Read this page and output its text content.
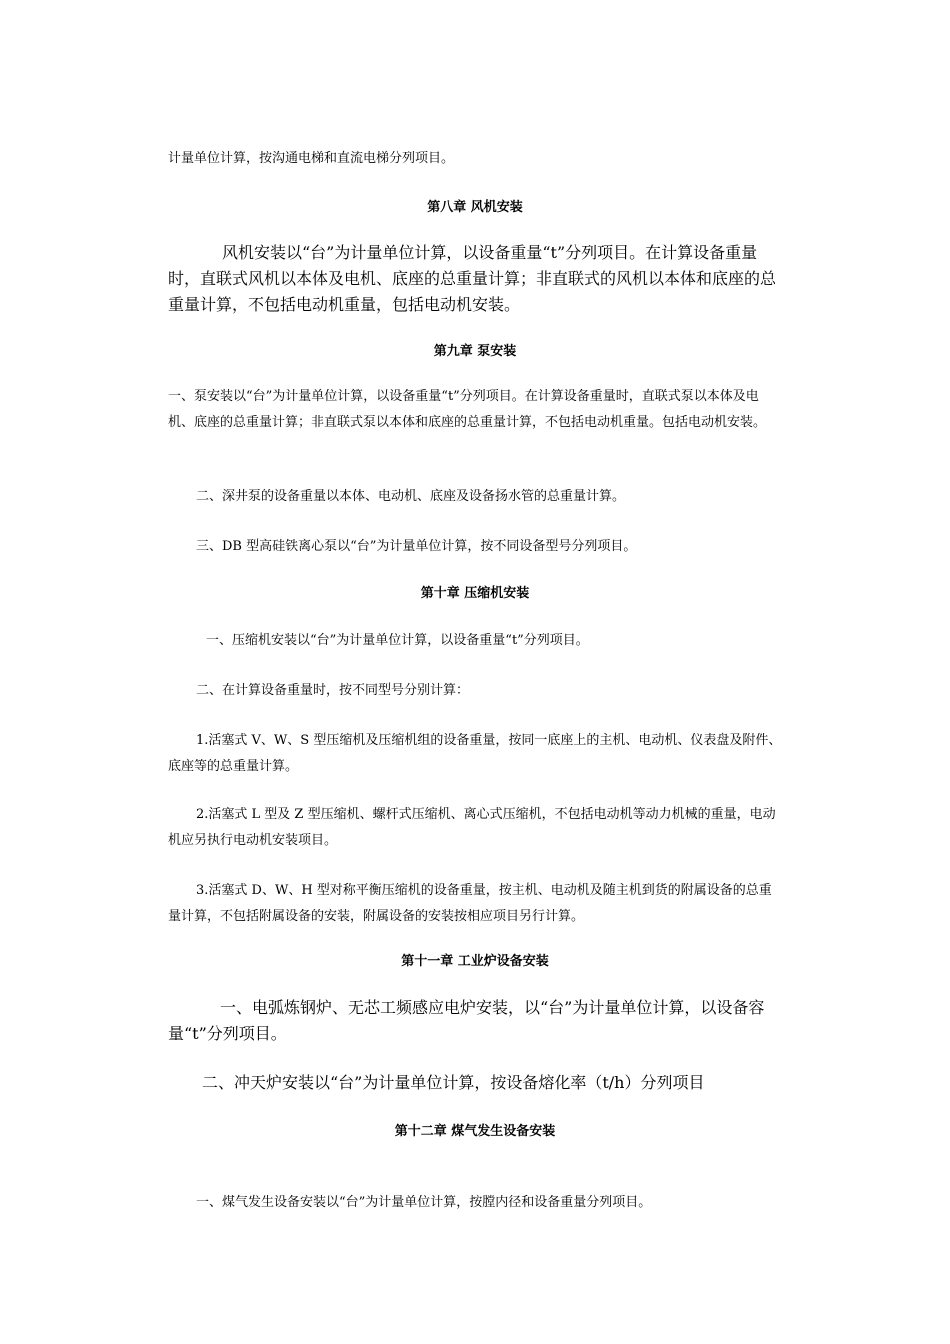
计量单位计算，按沟通电梯和直流电梯分列项目。

第八章 风机安装

风机安装以“台”为计量单位计算，以设备重量“t”分列项目。在计算设备重量时，直联式风机以本体及电机、底座的总重量计算；非直联式的风机以本体和底座的总重量计算，不包括电动机重量，包括电动机安装。

第九章 泵安装

一、泵安装以“台”为计量单位计算，以设备重量“t”分列项目。在计算设备重量时，直联式泵以本体及电机、底座的总重量计算；非直联式泵以本体和底座的总重量计算，不包括电动机重量。包括电动机安装。

二、深井泵的设备重量以本体、电动机、底座及设备扬水管的总重量计算。

三、DB 型高硅铁离心泵以“台”为计量单位计算，按不同设备型号分列项目。

第十章 压缩机安装

一、压缩机安装以“台”为计量单位计算，以设备重量“t”分列项目。

二、在计算设备重量时，按不同型号分别计算：

1.活塞式 V、W、S 型压缩机及压缩机组的设备重量，按同一底座上的主机、电动机、仪表盘及附件、底座等的总重量计算。

2.活塞式 L 型及 Z 型压缩机、螺杆式压缩机、离心式压缩机，不包括电动机等动力机械的重量，电动机应另执行电动机安装项目。

3.活塞式 D、W、H 型对称平衡压缩机的设备重量，按主机、电动机及随主机到货的附属设备的总重量计算，不包括附属设备的安装，附属设备的安装按相应项目另行计算。

第十一章 工业炉设备安装

一、电弧炼钢炉、无芯工频感应电炉安装，以“台”为计量单位计算，以设备容量“t”分列项目。

二、冲天炉安装以“台”为计量单位计算，按设备熔化率（t/h）分列项目

第十二章 煤气发生设备安装

一、煤气发生设备安装以“台”为计量单位计算，按膛内径和设备重量分列项目。
